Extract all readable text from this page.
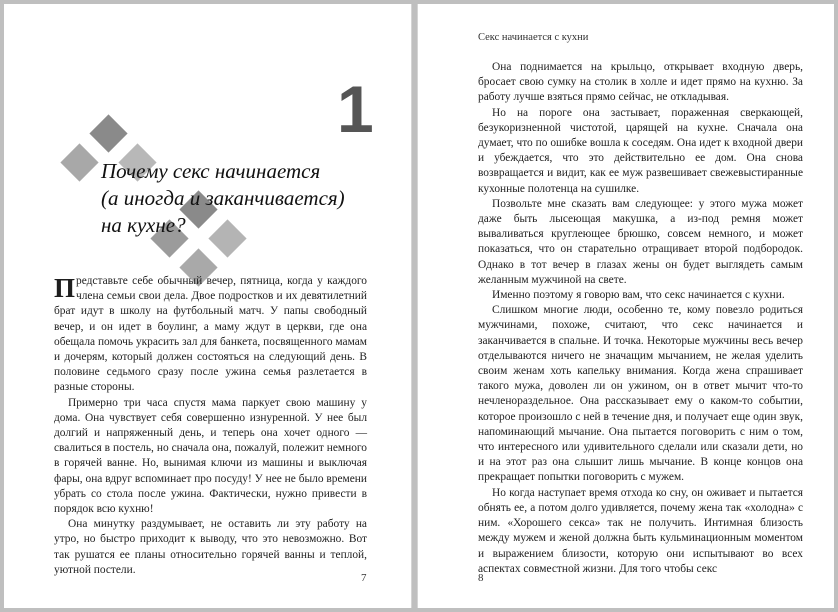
1
Почему секс начинается
(а иногда и заканчивается)
на кухне?

Представьте себе обычный вечер, пятница, когда у каждого члена семьи свои дела. Двое подростков и их девятилетний брат идут в школу на футбольный матч. У папы свободный вечер, и он идет в боулинг, а маму ждут в церкви, где она обещала помочь украсить зал для банкета, посвященного мамам и дочерям, который должен состояться на следующий день. В половине седьмого сразу после ужина семья разлетается в разные стороны.

Примерно три часа спустя мама паркует свою машину у дома. Она чувствует себя совершенно изнуренной. У нее был долгий и напряженный день, и теперь она хочет одного — свалиться в постель, но сначала она, пожалуй, полежит немного в горячей ванне. Но, вынимая ключи из машины и выключая фары, она вдруг вспоминает про посуду! У нее не было времени убрать со стола после ужина. Фактически, нужно привести в порядок всю кухню!

Она минутку раздумывает, не оставить ли эту работу на утро, но быстро приходит к выводу, что это невозможно. Вот так рушатся ее планы относительно горячей ванны и теплой, уютной постели.

7
Секс начинается с кухни

Она поднимается на крыльцо, открывает входную дверь, бросает свою сумку на столик в холле и идет прямо на кухню. За работу лучше взяться прямо сейчас, не откладывая.

Но на пороге она застывает, пораженная сверкающей, безукоризненной чистотой, царящей на кухне. Сначала она думает, что по ошибке вошла к соседям. Она идет к входной двери и убеждается, что это действительно ее дом. Она снова возвращается и видит, как ее муж развешивает свежевыстиранные кухонные полотенца на сушилке.

Позвольте мне сказать вам следующее: у этого мужа может даже быть лысеющая макушка, а из-под ремня может вываливаться круглеющее брюшко, совсем немного, и может показаться, что он старательно отращивает второй подбородок. Однако в тот вечер в глазах жены он будет выглядеть самым желанным мужчиной на свете.

Именно поэтому я говорю вам, что секс начинается с кухни.

Слишком многие люди, особенно те, кому повезло родиться мужчинами, похоже, считают, что секс начинается и заканчивается в спальне. И точка. Некоторые мужчины весь вечер отделываются ничего не значащим мычанием, не желая уделить своим женам хоть капельку внимания. Когда жена спрашивает такого мужа, доволен ли он ужином, он в ответ мычит что-то нечленораздельное. Она рассказывает ему о каком-то событии, которое произошло с ней в течение дня, и получает еще один звук, напоминающий мычание. Она пытается поговорить с ним о том, что интересного или удивительного сделали или сказали дети, но и на этот раз она слышит лишь мычание. В конце концов она прекращает попытки поговорить с мужем.

Но когда наступает время отхода ко сну, он оживает и пытается обнять ее, а потом долго удивляется, почему жена так «холодна» с ним. «Хорошего секса» так не получить. Интимная близость между мужем и женой должна быть кульминационным моментом и выражением близости, которую они испытывают во всех аспектах совместной жизни. Для того чтобы секс

8
